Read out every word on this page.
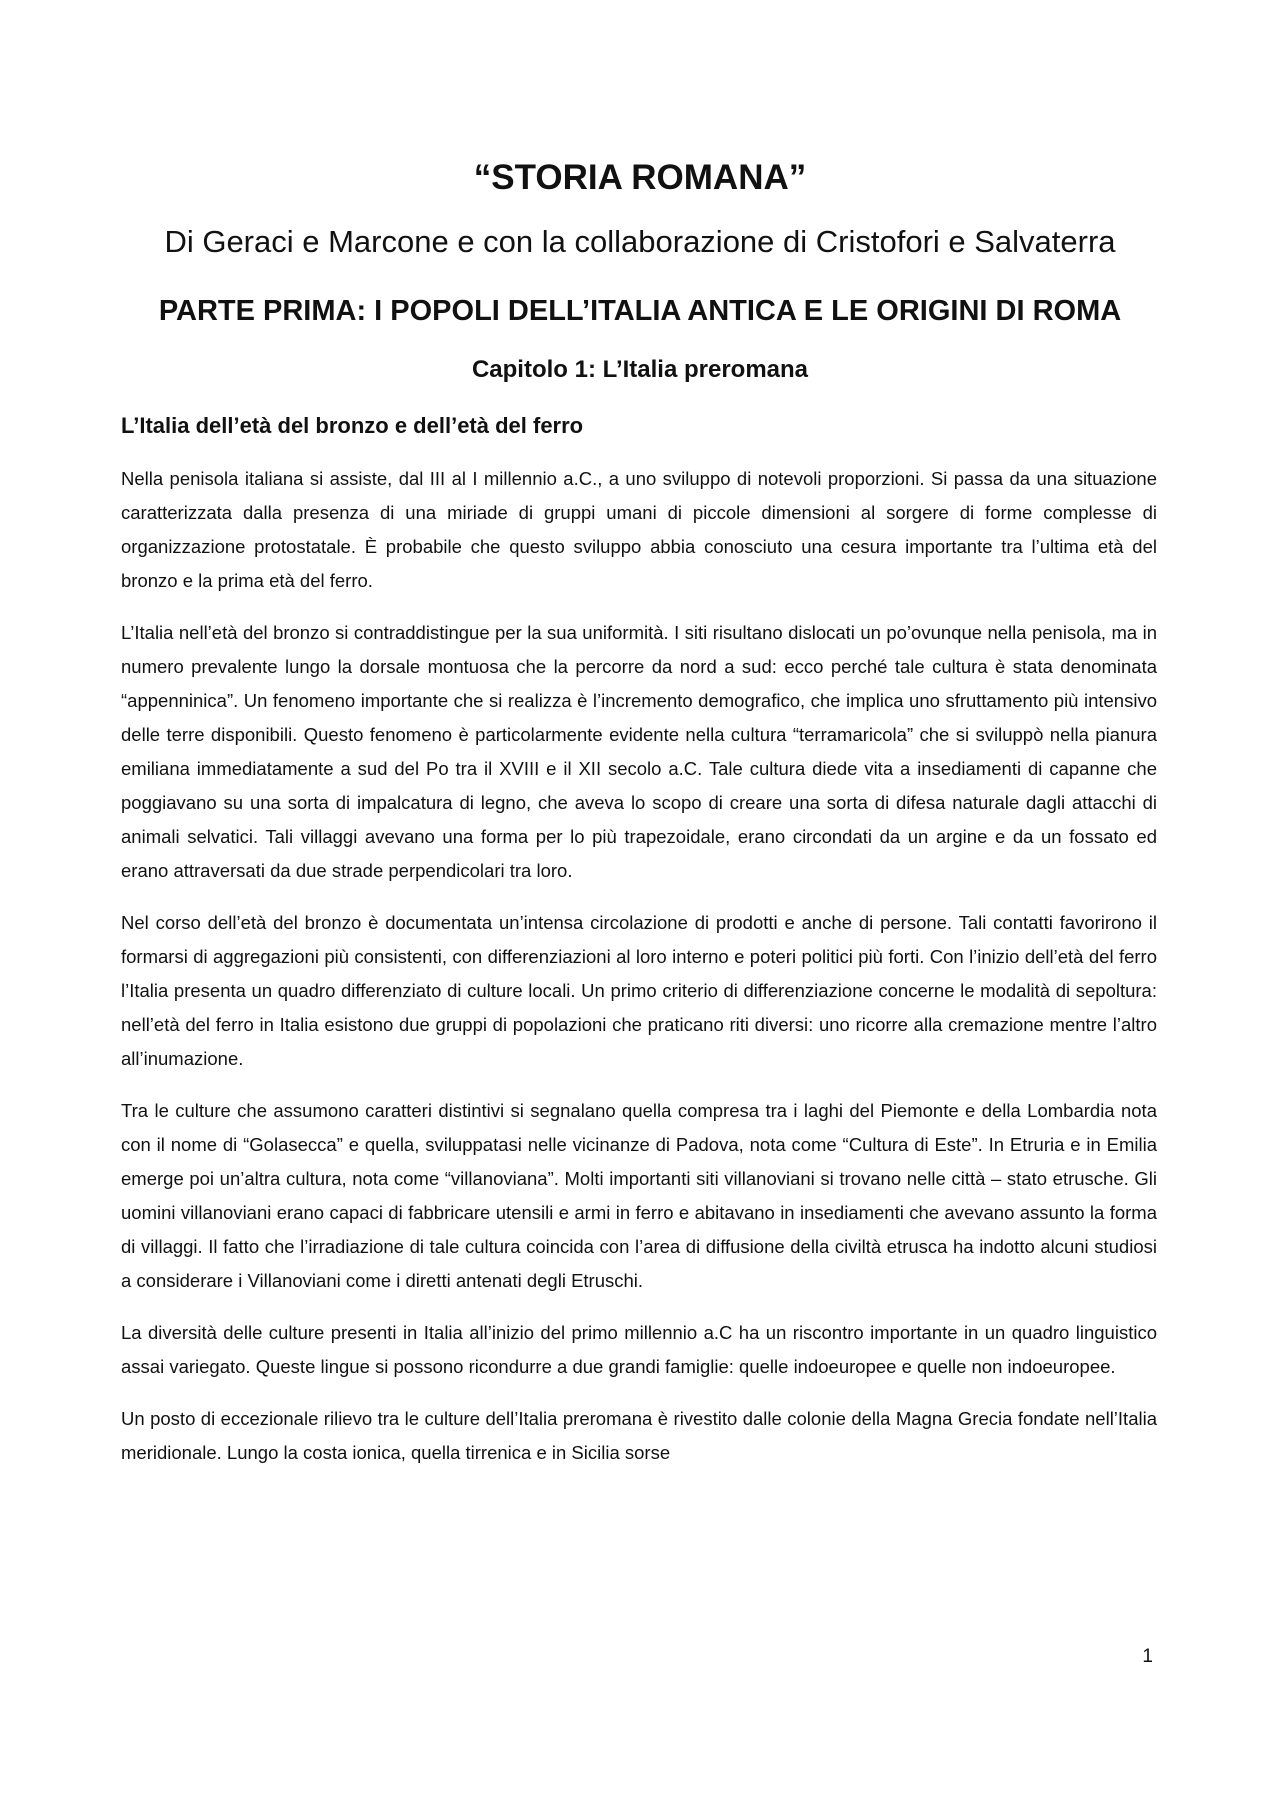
“STORIA ROMANA”

Di Geraci e Marcone e con la collaborazione di Cristofori e Salvaterra

PARTE PRIMA: I POPOLI DELL’ITALIA ANTICA E LE ORIGINI DI ROMA
Capitolo 1: L’Italia preromana
L’Italia dell’età del bronzo e dell’età del ferro

Nella penisola italiana si assiste, dal III al I millennio a.C., a uno sviluppo di notevoli proporzioni. Si passa da una situazione caratterizzata dalla presenza di una miriade di gruppi umani di piccole dimensioni al sorgere di forme complesse di organizzazione protostatale. È probabile che questo sviluppo abbia conosciuto una cesura importante tra l’ultima età del bronzo e la prima età del ferro.

L’Italia nell’età del bronzo si contraddistingue per la sua uniformità. I siti risultano dislocati un po’ovunque nella penisola, ma in numero prevalente lungo la dorsale montuosa che la percorre da nord a sud: ecco perché tale cultura è stata denominata “appenninica”. Un fenomeno importante che si realizza è l’incremento demografico, che implica uno sfruttamento più intensivo delle terre disponibili. Questo fenomeno è particolarmente evidente nella cultura “terramaricola” che si sviluppò nella pianura emiliana immediatamente a sud del Po tra il XVIII e il XII secolo a.C. Tale cultura diede vita a insediamenti di capanne che poggiavano su una sorta di impalcatura di legno, che aveva lo scopo di creare una sorta di difesa naturale dagli attacchi di animali selvatici. Tali villaggi avevano una forma per lo più trapezoidale, erano circondati da un argine e da un fossato ed erano attraversati da due strade perpendicolari tra loro.

Nel corso dell’età del bronzo è documentata un’intensa circolazione di prodotti e anche di persone. Tali contatti favorirono il formarsi di aggregazioni più consistenti, con differenziazioni al loro interno e poteri politici più forti. Con l’inizio dell’età del ferro l’Italia presenta un quadro differenziato di culture locali. Un primo criterio di differenziazione concerne le modalità di sepoltura: nell’età del ferro in Italia esistono due gruppi di popolazioni che praticano riti diversi: uno ricorre alla cremazione mentre l’altro all’inumazione.

Tra le culture che assumono caratteri distintivi si segnalano quella compresa tra i laghi del Piemonte e della Lombardia nota con il nome di “Golasecca” e quella, sviluppatasi nelle vicinanze di Padova, nota come “Cultura di Este”. In Etruria e in Emilia emerge poi un’altra cultura, nota come “villanoviana”. Molti importanti siti villanoviani si trovano nelle città – stato etrusche. Gli uomini villanoviani erano capaci di fabbricare utensili e armi in ferro e abitavano in insediamenti che avevano assunto la forma di villaggi. Il fatto che l’irradiazione di tale cultura coincida con l’area di diffusione della civiltà etrusca ha indotto alcuni studiosi a considerare i Villanoviani come i diretti antenati degli Etruschi.

La diversità delle culture presenti in Italia all’inizio del primo millennio a.C ha un riscontro importante in un quadro linguistico assai variegato. Queste lingue si possono ricondurre a due grandi famiglie: quelle indoeuropee e quelle non indoeuropee.

Un posto di eccezionale rilievo tra le culture dell’Italia preromana è rivestito dalle colonie della Magna Grecia fondate nell’Italia meridionale. Lungo la costa ionica, quella tirrenica e in Sicilia sorse

1
